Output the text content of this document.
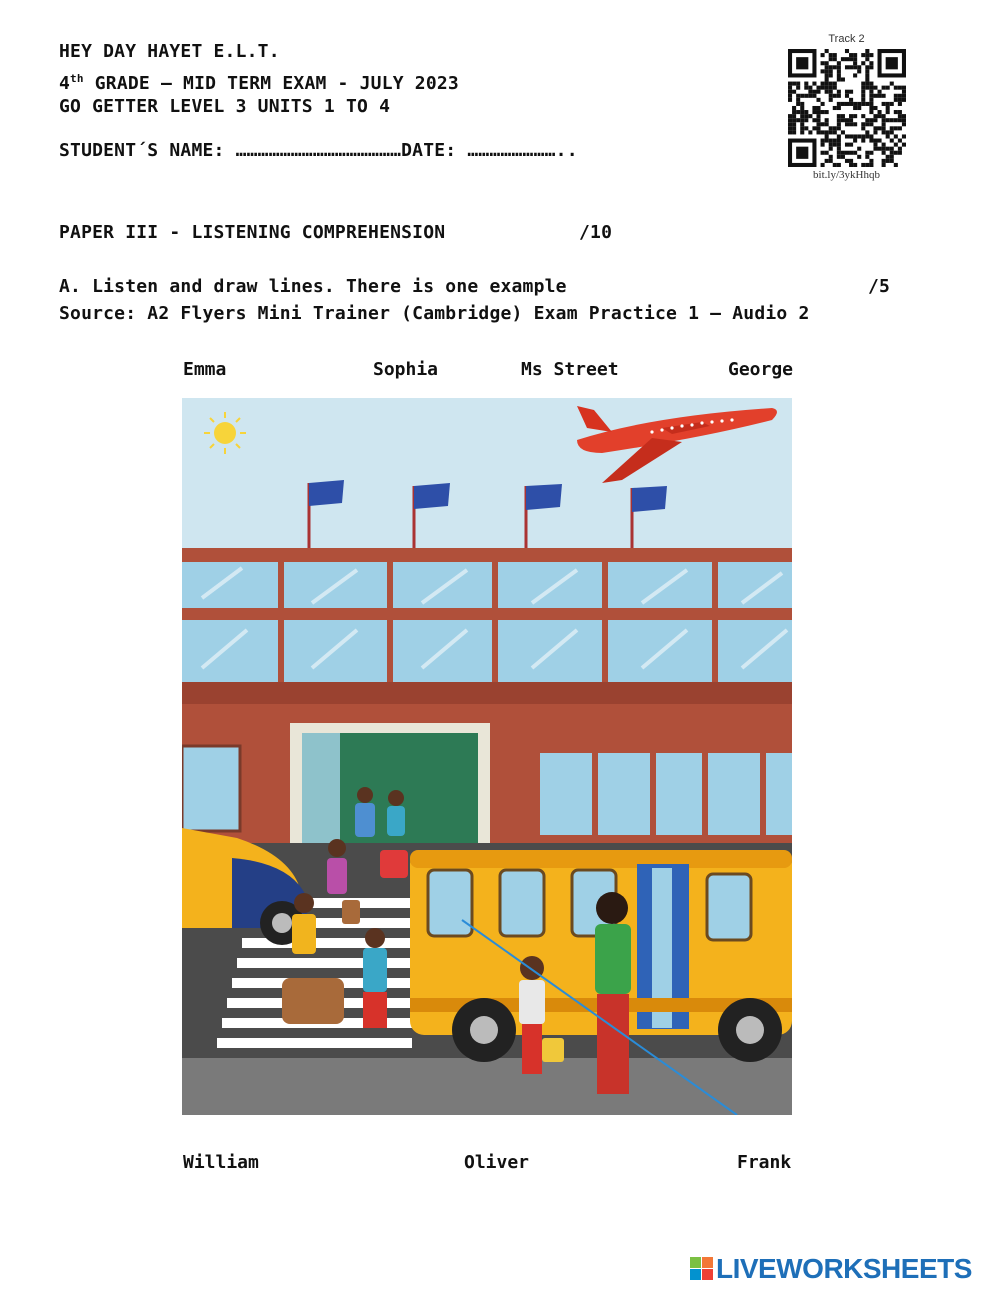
HEY DAY HAYET E.L.T.
4th GRADE – MID TERM EXAM - JULY 2023
GO GETTER LEVEL 3 UNITS 1 TO 4
STUDENT´S NAME: ………………………………………DATE: ……………………..
PAPER III - LISTENING COMPREHENSION	/10
A. Listen and draw lines. There is one example	/5
Source: A2 Flyers Mini Trainer (Cambridge) Exam Practice 1 – Audio 2
Track 2
bit.ly/3ykHhqb
Emma	Sophia	Ms Street	George
William	Oliver	Frank
LIVEWORKSHEETS
